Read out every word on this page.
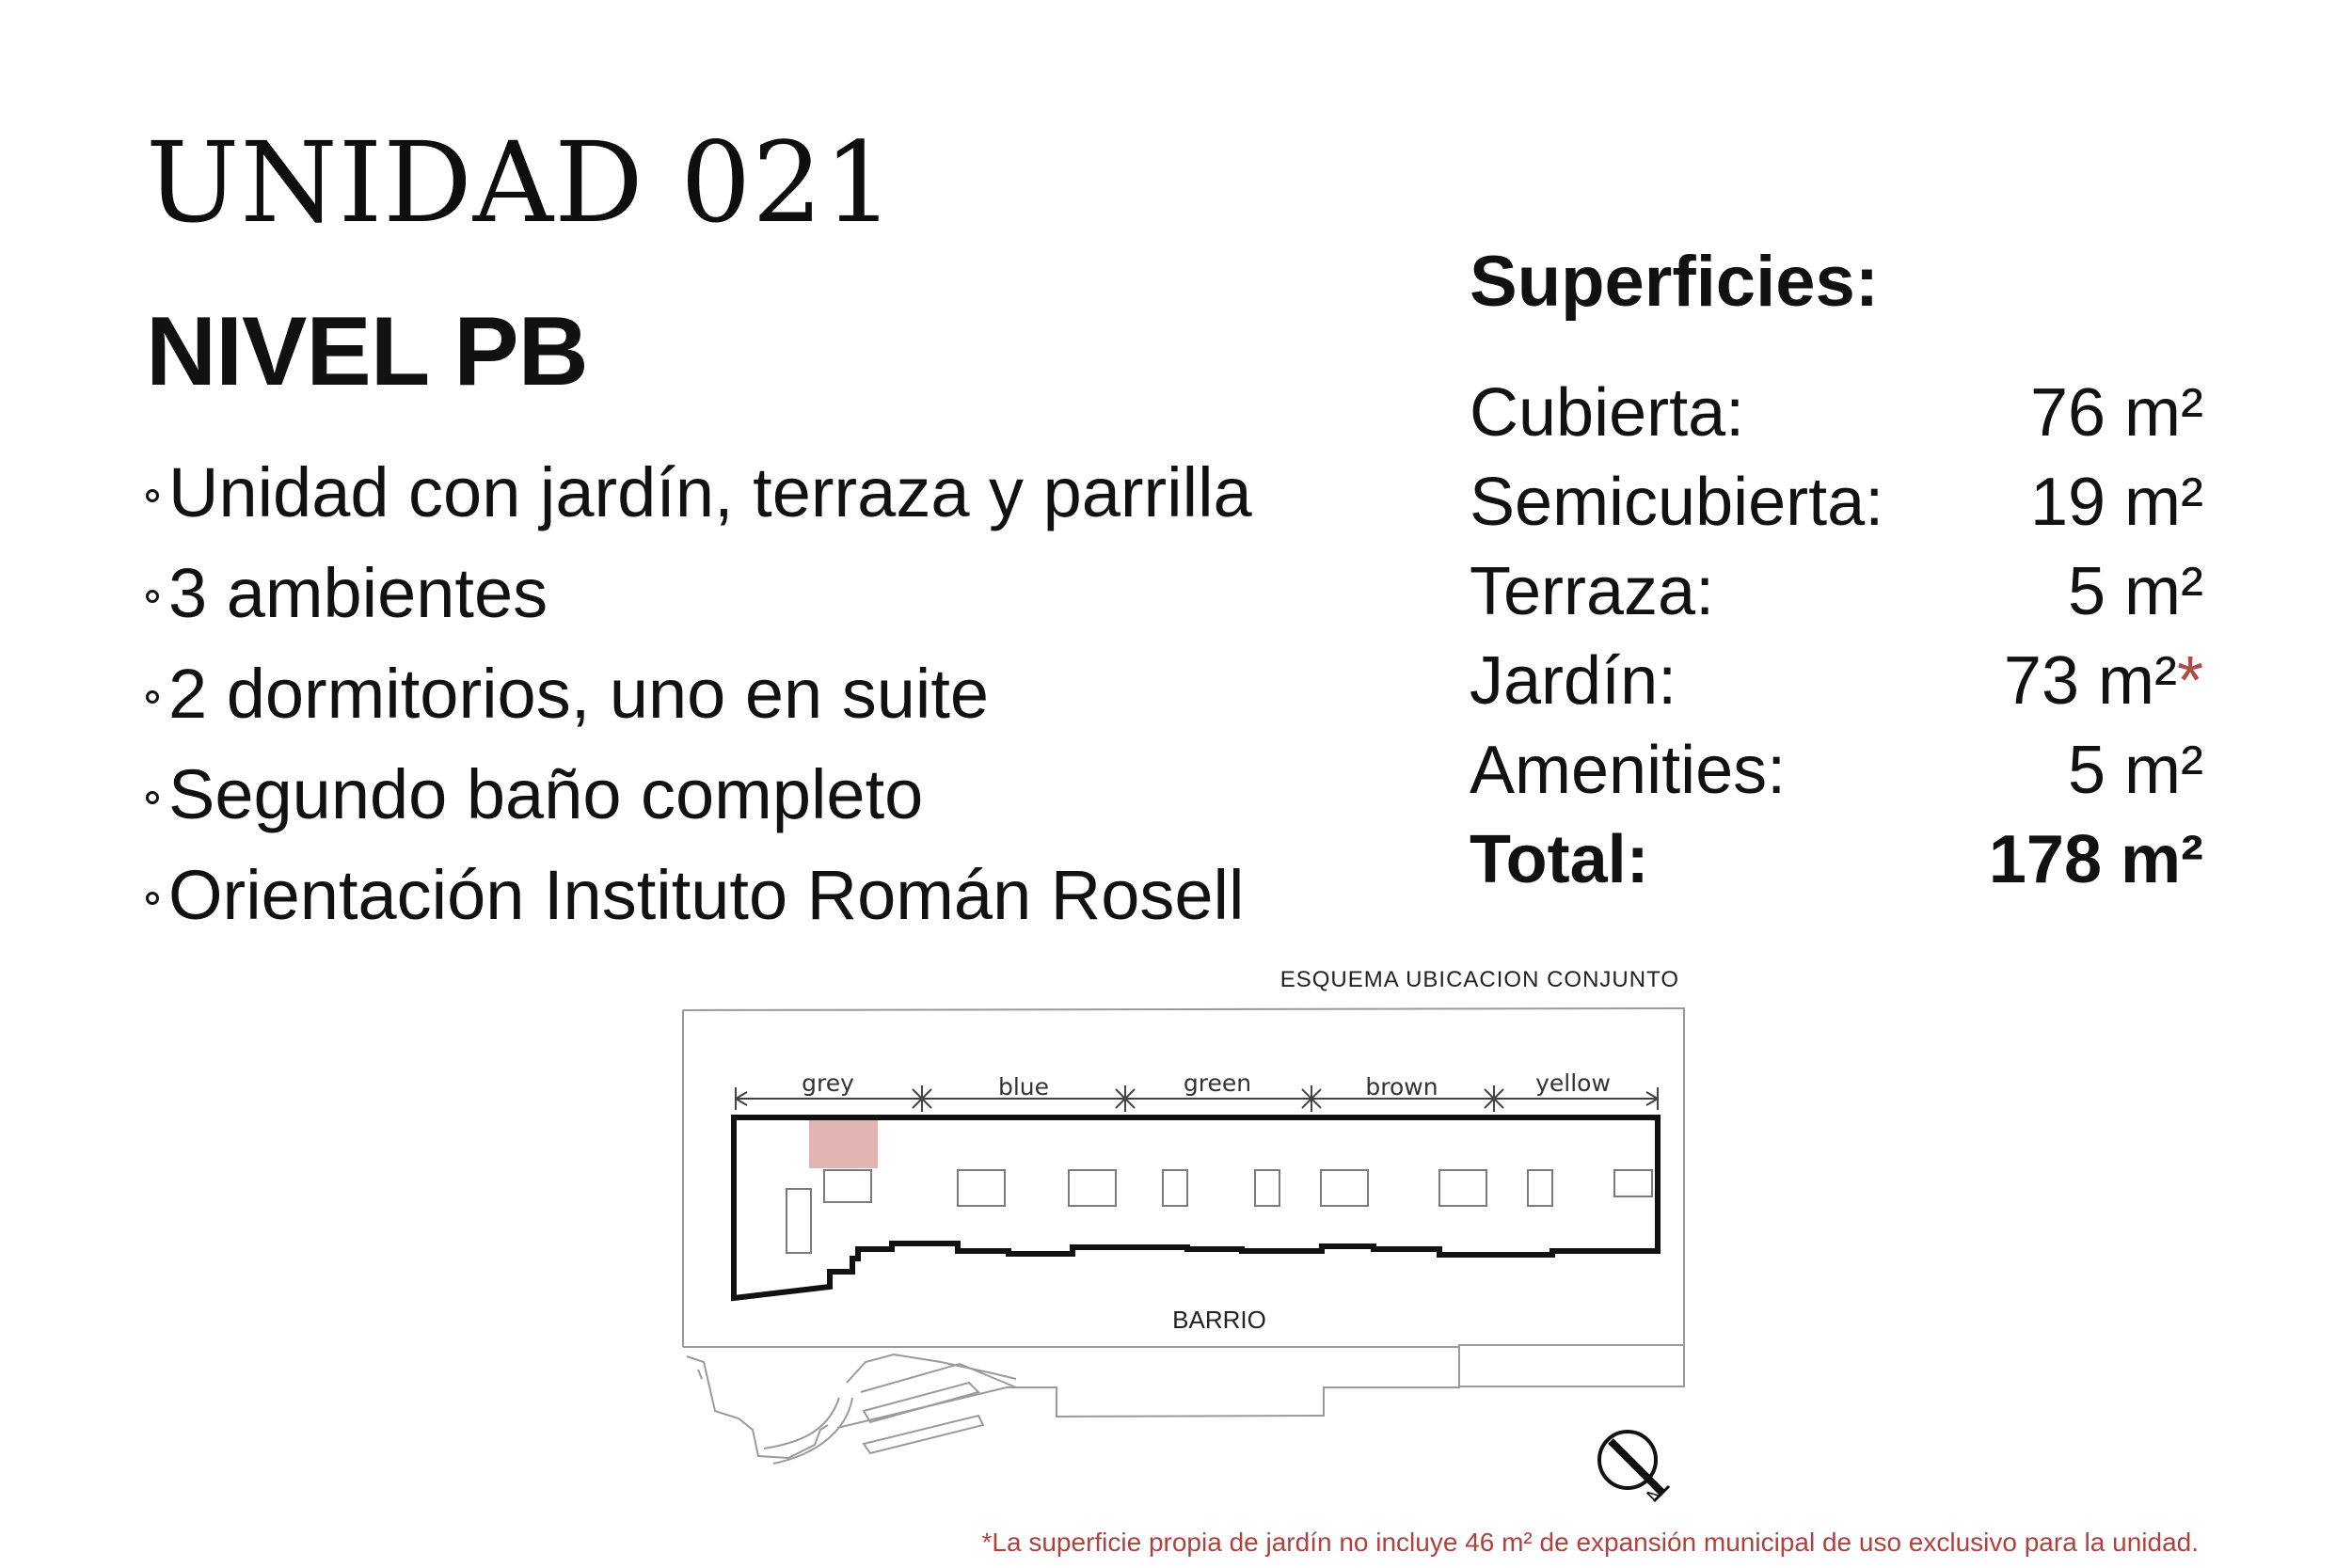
UNIDAD 021
NIVEL PB
Unidad con jardín, terraza y parrilla
3 ambientes
2 dormitorios, uno en suite
Segundo baño completo
Orientación Instituto Román Rosell
Superficies:
Cubierta:	76 m²
Semicubierta: 19 m²
Terraza:	5 m²
Jardín:	73 m²*
Amenities:	5 m²
Total:	178 m²
ESQUEMA UBICACION CONJUNTO
grey	blue	green	brown	yellow
BARRIO
N
*La superficie propia de jardín no incluye 46 m² de expansión municipal de uso exclusivo para la unidad.
